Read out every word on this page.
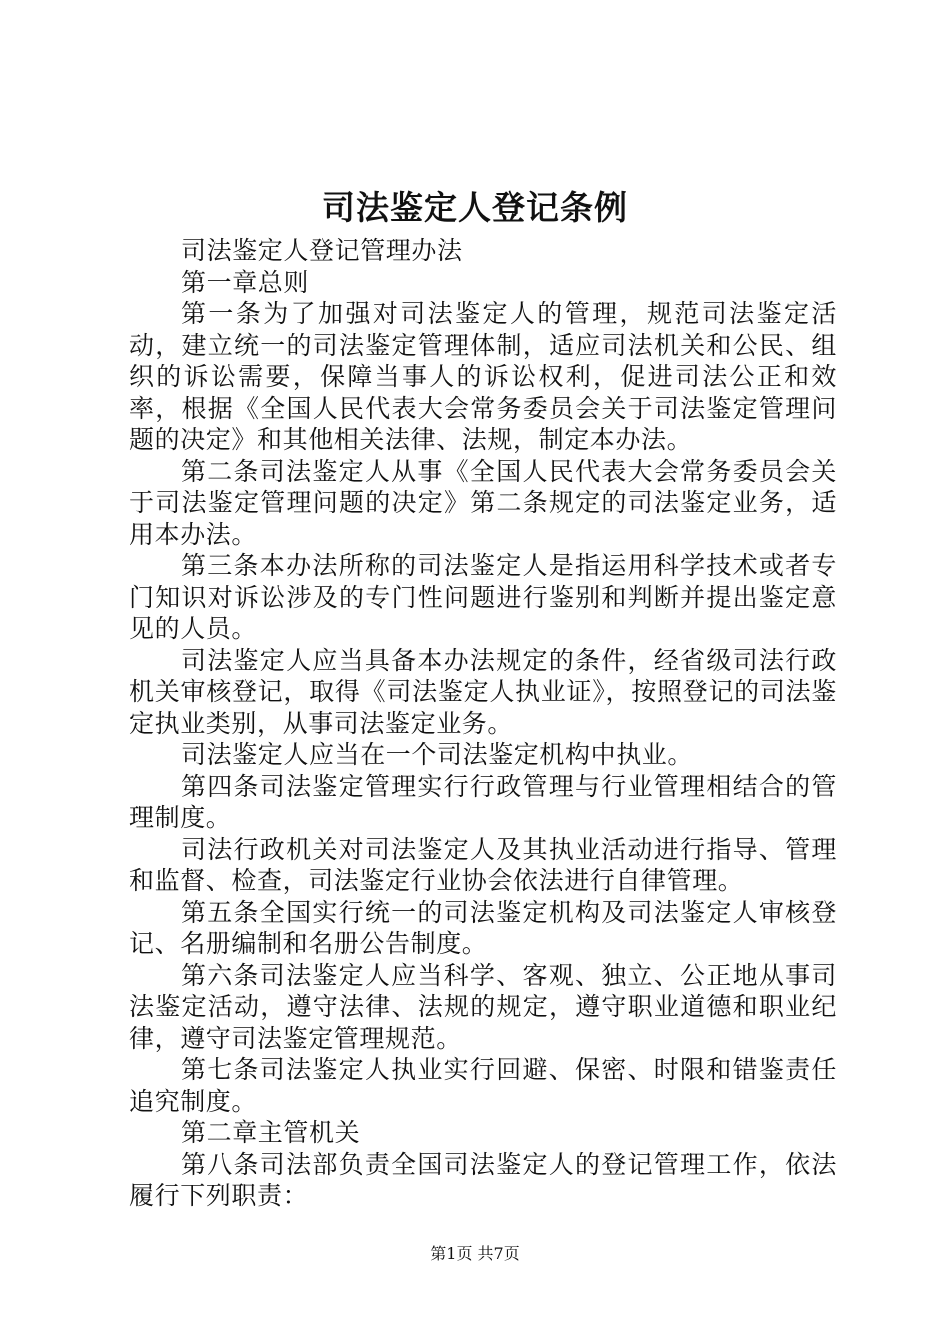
司法鉴定人登记条例

司法鉴定人登记管理办法

第一章总则

第一条为了加强对司法鉴定人的管理，规范司法鉴定活动，建立统一的司法鉴定管理体制，适应司法机关和公民、组织的诉讼需要，保障当事人的诉讼权利，促进司法公正和效率，根据《全国人民代表大会常务委员会关于司法鉴定管理问题的决定》和其他相关法律、法规，制定本办法。

第二条司法鉴定人从事《全国人民代表大会常务委员会关于司法鉴定管理问题的决定》第二条规定的司法鉴定业务，适用本办法。

第三条本办法所称的司法鉴定人是指运用科学技术或者专门知识对诉讼涉及的专门性问题进行鉴别和判断并提出鉴定意见的人员。

司法鉴定人应当具备本办法规定的条件，经省级司法行政机关审核登记，取得《司法鉴定人执业证》，按照登记的司法鉴定执业类别，从事司法鉴定业务。

司法鉴定人应当在一个司法鉴定机构中执业。

第四条司法鉴定管理实行行政管理与行业管理相结合的管理制度。

司法行政机关对司法鉴定人及其执业活动进行指导、管理和监督、检查，司法鉴定行业协会依法进行自律管理。

第五条全国实行统一的司法鉴定机构及司法鉴定人审核登记、名册编制和名册公告制度。

第六条司法鉴定人应当科学、客观、独立、公正地从事司法鉴定活动，遵守法律、法规的规定，遵守职业道德和职业纪律，遵守司法鉴定管理规范。

第七条司法鉴定人执业实行回避、保密、时限和错鉴责任追究制度。

第二章主管机关

第八条司法部负责全国司法鉴定人的登记管理工作，依法履行下列职责：

第1页 共7页
